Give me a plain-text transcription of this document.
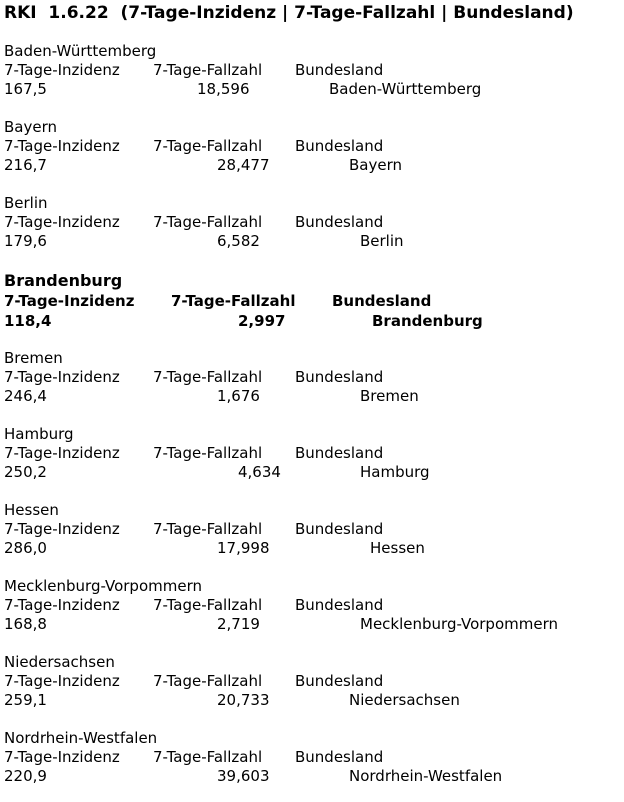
RKI  1.6.22  (7-Tage-Inzidenz | 7-Tage-Fallzahl | Bundesland)
Baden-Württemberg
7-Tage-Inzidenz 7-Tage-Fallzahl Bundesland
167,5	18,596	Baden-Württemberg
Bayern
7-Tage-Inzidenz 7-Tage-Fallzahl Bundesland
216,7	28,477	Bayern
Berlin
7-Tage-Inzidenz 7-Tage-Fallzahl Bundesland
179,6	6,582	Berlin
Brandenburg
7-Tage-Inzidenz 7-Tage-Fallzahl Bundesland
118,4	2,997	Brandenburg
Bremen
7-Tage-Inzidenz 7-Tage-Fallzahl Bundesland
246,4	1,676	Bremen
Hamburg
7-Tage-Inzidenz 7-Tage-Fallzahl Bundesland
250,2	4,634	Hamburg
Hessen
7-Tage-Inzidenz 7-Tage-Fallzahl Bundesland
286,0	17,998	Hessen
Mecklenburg-Vorpommern
7-Tage-Inzidenz 7-Tage-Fallzahl Bundesland
168,8	2,719	Mecklenburg-Vorpommern
Niedersachsen
7-Tage-Inzidenz 7-Tage-Fallzahl Bundesland
259,1	20,733	Niedersachsen
Nordrhein-Westfalen
7-Tage-Inzidenz 7-Tage-Fallzahl Bundesland
220,9	39,603	Nordrhein-Westfalen
